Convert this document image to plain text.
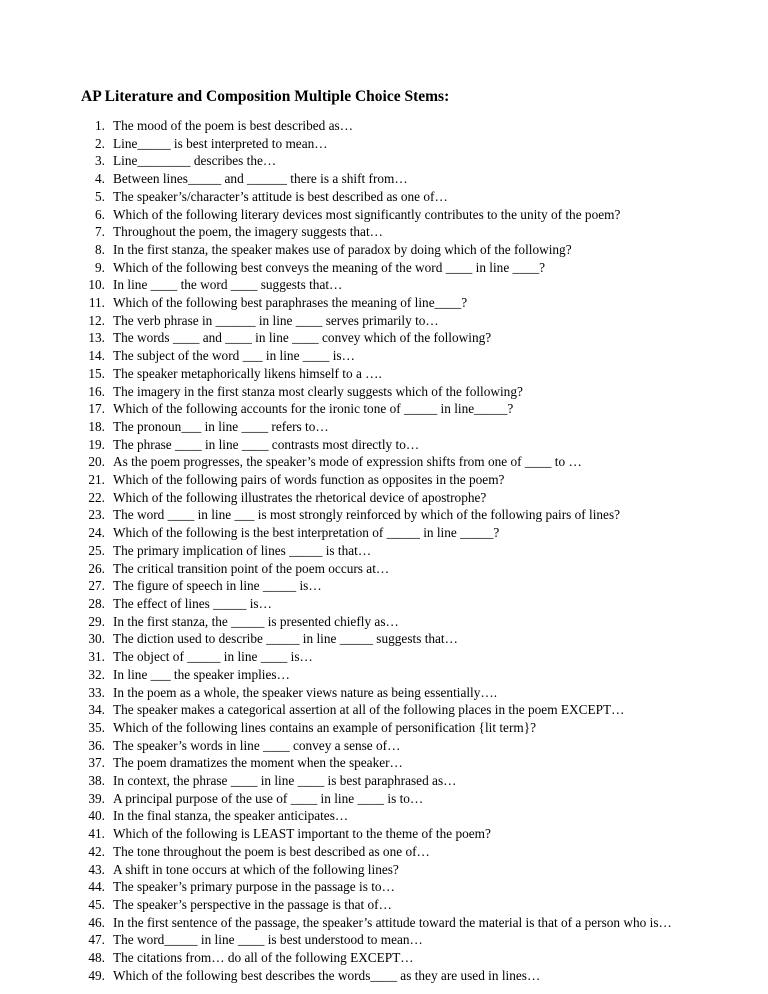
AP Literature and Composition Multiple Choice Stems:
1. The mood of the poem is best described as…
2. Line_____ is best interpreted to mean…
3. Line________ describes the…
4. Between lines_____ and ______ there is a shift from…
5. The speaker’s/character’s attitude is best described as one of…
6. Which of the following literary devices most significantly contributes to the unity of the poem?
7. Throughout the poem, the imagery suggests that…
8. In the first stanza, the speaker makes use of paradox by doing which of the following?
9. Which of the following best conveys the meaning of the word ____ in line ____?
10. In line ____ the word ____ suggests that…
11. Which of the following best paraphrases the meaning of line____?
12. The verb phrase in ______ in line ____ serves primarily to…
13. The words ____ and ____ in line ____ convey which of the following?
14. The subject of the word ___ in line ____ is…
15. The speaker metaphorically likens himself to a ….
16. The imagery in the first stanza most clearly suggests which of the following?
17. Which of the following accounts for the ironic tone of _____ in line_____?
18. The pronoun___ in line ____ refers to…
19. The phrase ____ in line ____ contrasts most directly to…
20. As the poem progresses, the speaker’s mode of expression shifts from one of ____ to …
21. Which of the following pairs of words function as opposites in the poem?
22. Which of the following illustrates the rhetorical device of apostrophe?
23. The word ____ in line ___ is most strongly reinforced by which of the following pairs of lines?
24. Which of the following is the best interpretation of _____ in line _____?
25. The primary implication of lines _____ is that…
26. The critical transition point of the poem occurs at…
27. The figure of speech in line _____ is…
28. The effect of lines _____ is…
29. In the first stanza, the _____ is presented chiefly as…
30. The diction used to describe _____ in line _____ suggests that…
31. The object of _____ in line ____ is…
32. In line ___ the speaker implies…
33. In the poem as a whole, the speaker views nature as being essentially….
34. The speaker makes a categorical assertion at all of the following places in the poem EXCEPT…
35. Which of the following lines contains an example of personification {lit term}?
36. The speaker’s words in line ____ convey a sense of…
37. The poem dramatizes the moment when the speaker…
38. In context, the phrase ____ in line ____ is best paraphrased as…
39. A principal purpose of the use of ____ in line ____ is to…
40. In the final stanza, the speaker anticipates…
41. Which of the following is LEAST important to the theme of the poem?
42. The tone throughout the poem is best described as one of…
43. A shift in tone occurs at which of the following lines?
44. The speaker’s primary purpose in the passage is to…
45. The speaker’s perspective in the passage is that of…
46. In the first sentence of the passage, the speaker’s attitude toward the material is that of a person who is…
47. The word_____ in line ____ is best understood to mean…
48. The citations from… do all of the following EXCEPT…
49. Which of the following best describes the words____ as they are used in lines…
